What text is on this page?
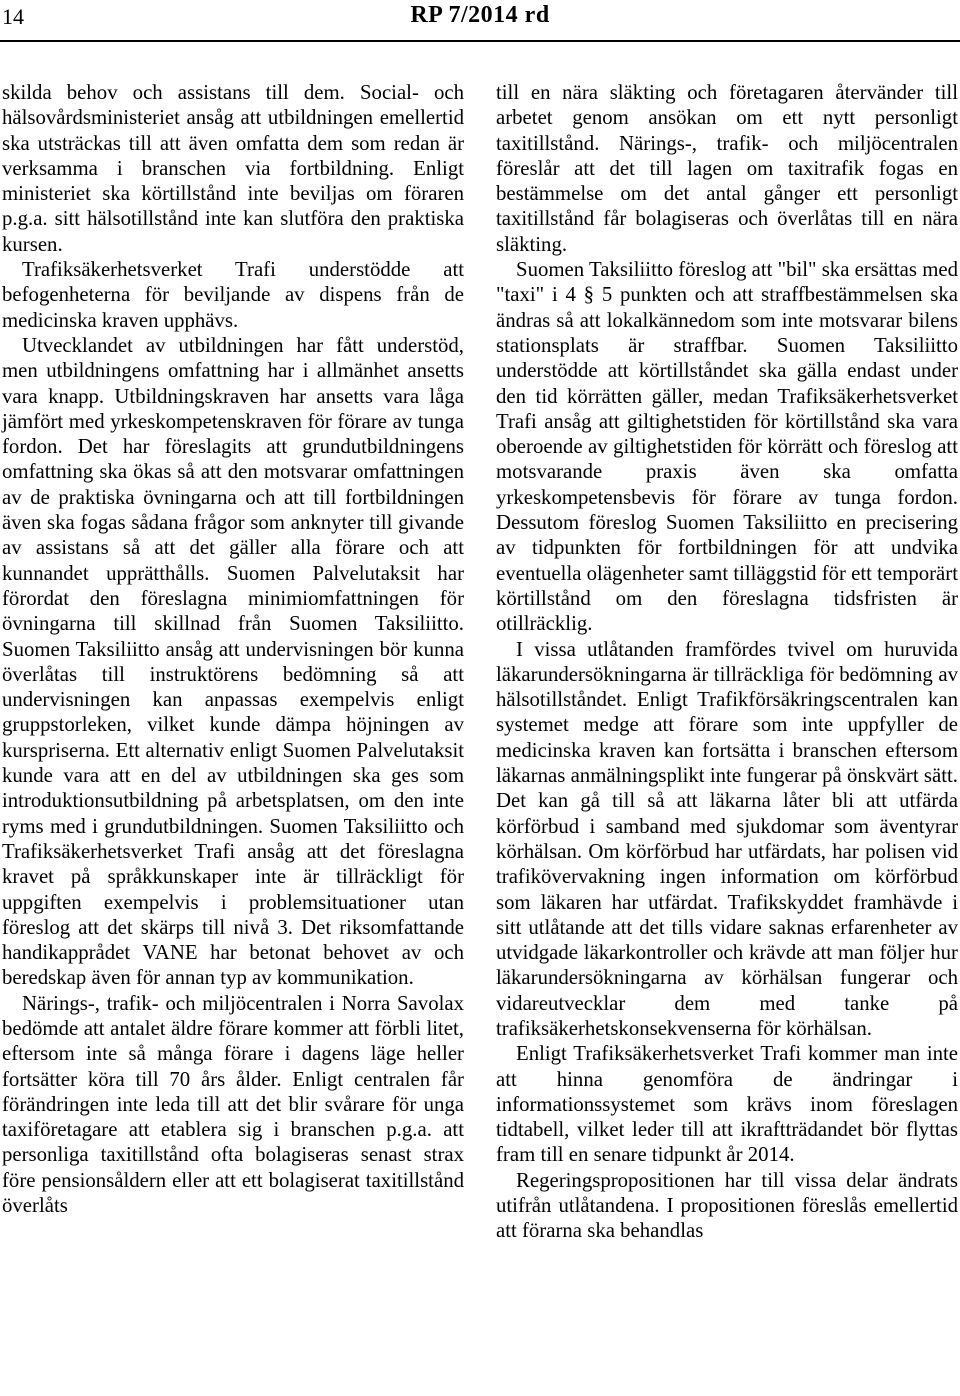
14	RP 7/2014 rd

skilda behov och assistans till dem. Social- och hälsovårdsministeriet ansåg att utbildningen emellertid ska utsträckas till att även omfatta dem som redan är verksamma i branschen via fortbildning. Enligt ministeriet ska körtillstånd inte beviljas om föraren p.g.a. sitt hälsotillstånd inte kan slutföra den praktiska kursen.

Trafiksäkerhetsverket Trafi understödde att befogenheterna för beviljande av dispens från de medicinska kraven upphävs.

Utvecklandet av utbildningen har fått understöd, men utbildningens omfattning har i allmänhet ansetts vara knapp. Utbildningskraven har ansetts vara låga jämfört med yrkeskompetenskraven för förare av tunga fordon. Det har föreslagits att grundutbildningens omfattning ska ökas så att den motsvarar omfattningen av de praktiska övningarna och att till fortbildningen även ska fogas sådana frågor som anknyter till givande av assistans så att det gäller alla förare och att kunnandet upprätthålls. Suomen Palvelutaksit har förordat den föreslagna minimiomfattningen för övningarna till skillnad från Suomen Taksiliitto. Suomen Taksiliitto ansåg att undervisningen bör kunna överlåtas till instruktörens bedömning så att undervisningen kan anpassas exempelvis enligt gruppstorleken, vilket kunde dämpa höjningen av kurspriserna. Ett alternativ enligt Suomen Palvelutaksit kunde vara att en del av utbildningen ska ges som introduktionsutbildning på arbetsplatsen, om den inte ryms med i grundutbildningen. Suomen Taksiliitto och Trafiksäkerhetsverket Trafi ansåg att det föreslagna kravet på språkkunskaper inte är tillräckligt för uppgiften exempelvis i problemsituationer utan föreslog att det skärps till nivå 3. Det riksomfattande handikapprådet VANE har betonat behovet av och beredskap även för annan typ av kommunikation.

Närings-, trafik- och miljöcentralen i Norra Savolax bedömde att antalet äldre förare kommer att förbli litet, eftersom inte så många förare i dagens läge heller fortsätter köra till 70 års ålder. Enligt centralen får förändringen inte leda till att det blir svårare för unga taxiföretagare att etablera sig i branschen p.g.a. att personliga taxitillstånd ofta bolagiseras senast strax före pensionsåldern eller att ett bolagiserat taxitillstånd överlåts

till en nära släkting och företagaren återvänder till arbetet genom ansökan om ett nytt personligt taxitillstånd. Närings-, trafik- och miljöcentralen föreslår att det till lagen om taxitrafik fogas en bestämmelse om det antal gånger ett personligt taxitillstånd får bolagiseras och överlåtas till en nära släkting.

Suomen Taksiliitto föreslog att "bil" ska ersättas med "taxi" i 4 § 5 punkten och att straffbestämmelsen ska ändras så att lokalkännedom som inte motsvarar bilens stationsplats är straffbar. Suomen Taksiliitto understödde att körtillståndet ska gälla endast under den tid körrätten gäller, medan Trafiksäkerhetsverket Trafi ansåg att giltighetstiden för körtillstånd ska vara oberoende av giltighetstiden för körrätt och föreslog att motsvarande praxis även ska omfatta yrkeskompetensbevis för förare av tunga fordon. Dessutom föreslog Suomen Taksiliitto en precisering av tidpunkten för fortbildningen för att undvika eventuella olägenheter samt tilläggstid för ett temporärt körtillstånd om den föreslagna tidsfristen är otillräcklig.

I vissa utlåtanden framfördes tvivel om huruvida läkarundersökningarna är tillräckliga för bedömning av hälsotillståndet. Enligt Trafikförsäkringscentralen kan systemet medge att förare som inte uppfyller de medicinska kraven kan fortsätta i branschen eftersom läkarnas anmälningsplikt inte fungerar på önskvärt sätt. Det kan gå till så att läkarna låter bli att utfärda körförbud i samband med sjukdomar som äventyrar körhälsan. Om körförbud har utfärdats, har polisen vid trafikövervakning ingen information om körförbud som läkaren har utfärdat. Trafikskyddet framhävde i sitt utlåtande att det tills vidare saknas erfarenheter av utvidgade läkarkontroller och krävde att man följer hur läkarundersökningarna av körhälsan fungerar och vidareutvecklar dem med tanke på trafiksäkerhetskonsekvenserna för körhälsan.

Enligt Trafiksäkerhetsverket Trafi kommer man inte att hinna genomföra de ändringar i informationssystemet som krävs inom föreslagen tidtabell, vilket leder till att ikraftträdandet bör flyttas fram till en senare tidpunkt år 2014.

Regeringspropositionen har till vissa delar ändrats utifrån utlåtandena. I propositionen föreslås emellertid att förarna ska behandlas
